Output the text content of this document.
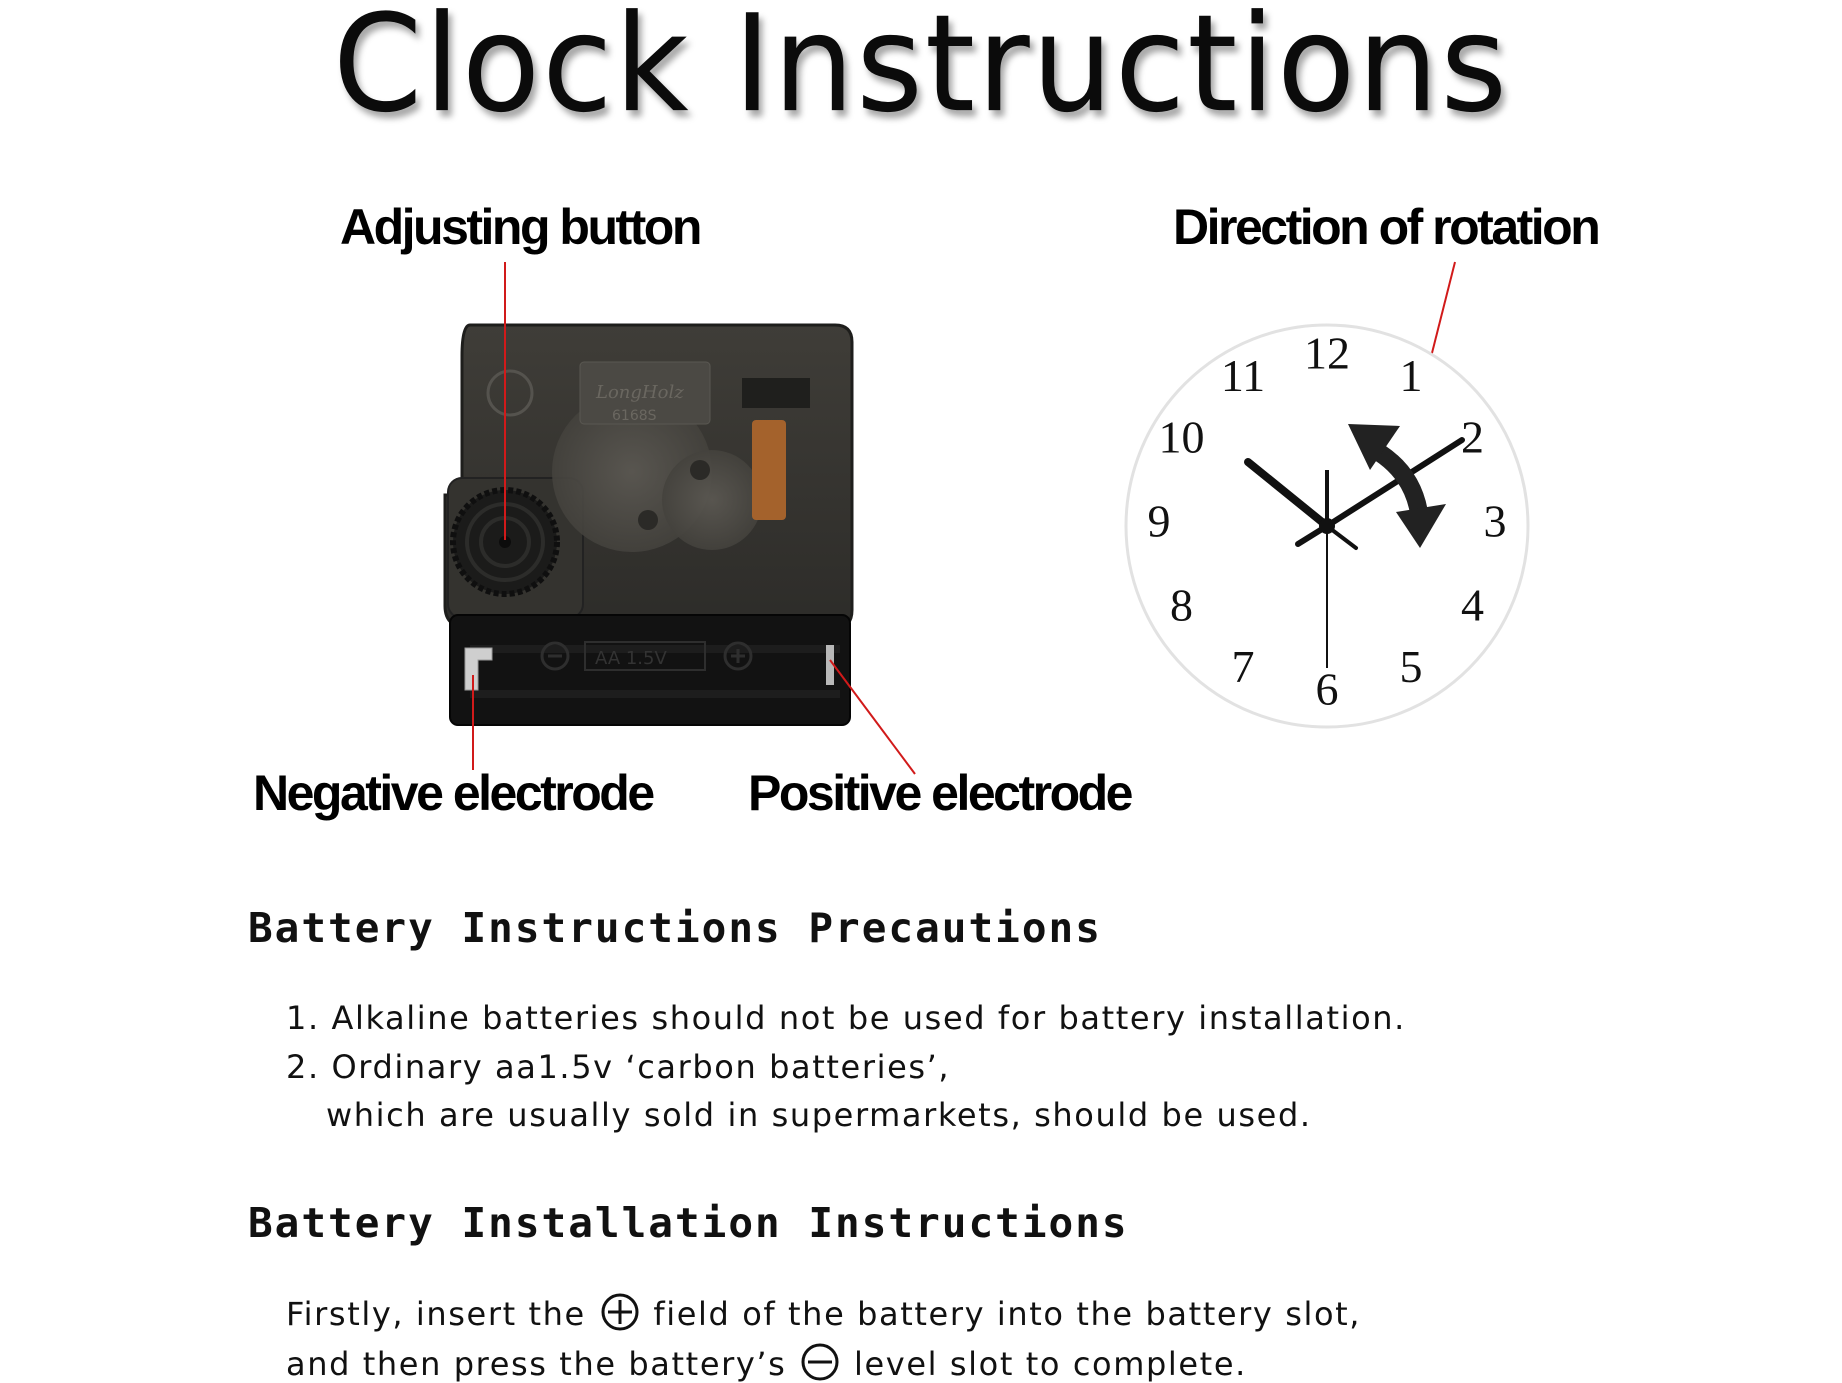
Clock Instructions
Adjusting button	Direction of rotation
Negative electrode Positive electrode
LongHolz
6168S
AA 1.5V
12 1
2
3
4
5
6
7
8
9
10
11
Battery Instructions Precautions
1. Alkaline batteries should not be used for battery installation.
2. Ordinary aa1.5v ‘carbon batteries’,
which are usually sold in supermarkets, should be used.
Battery Installation Instructions
Firstly, insert the field of the battery into the battery slot,
and then press the battery’s level slot to complete.
